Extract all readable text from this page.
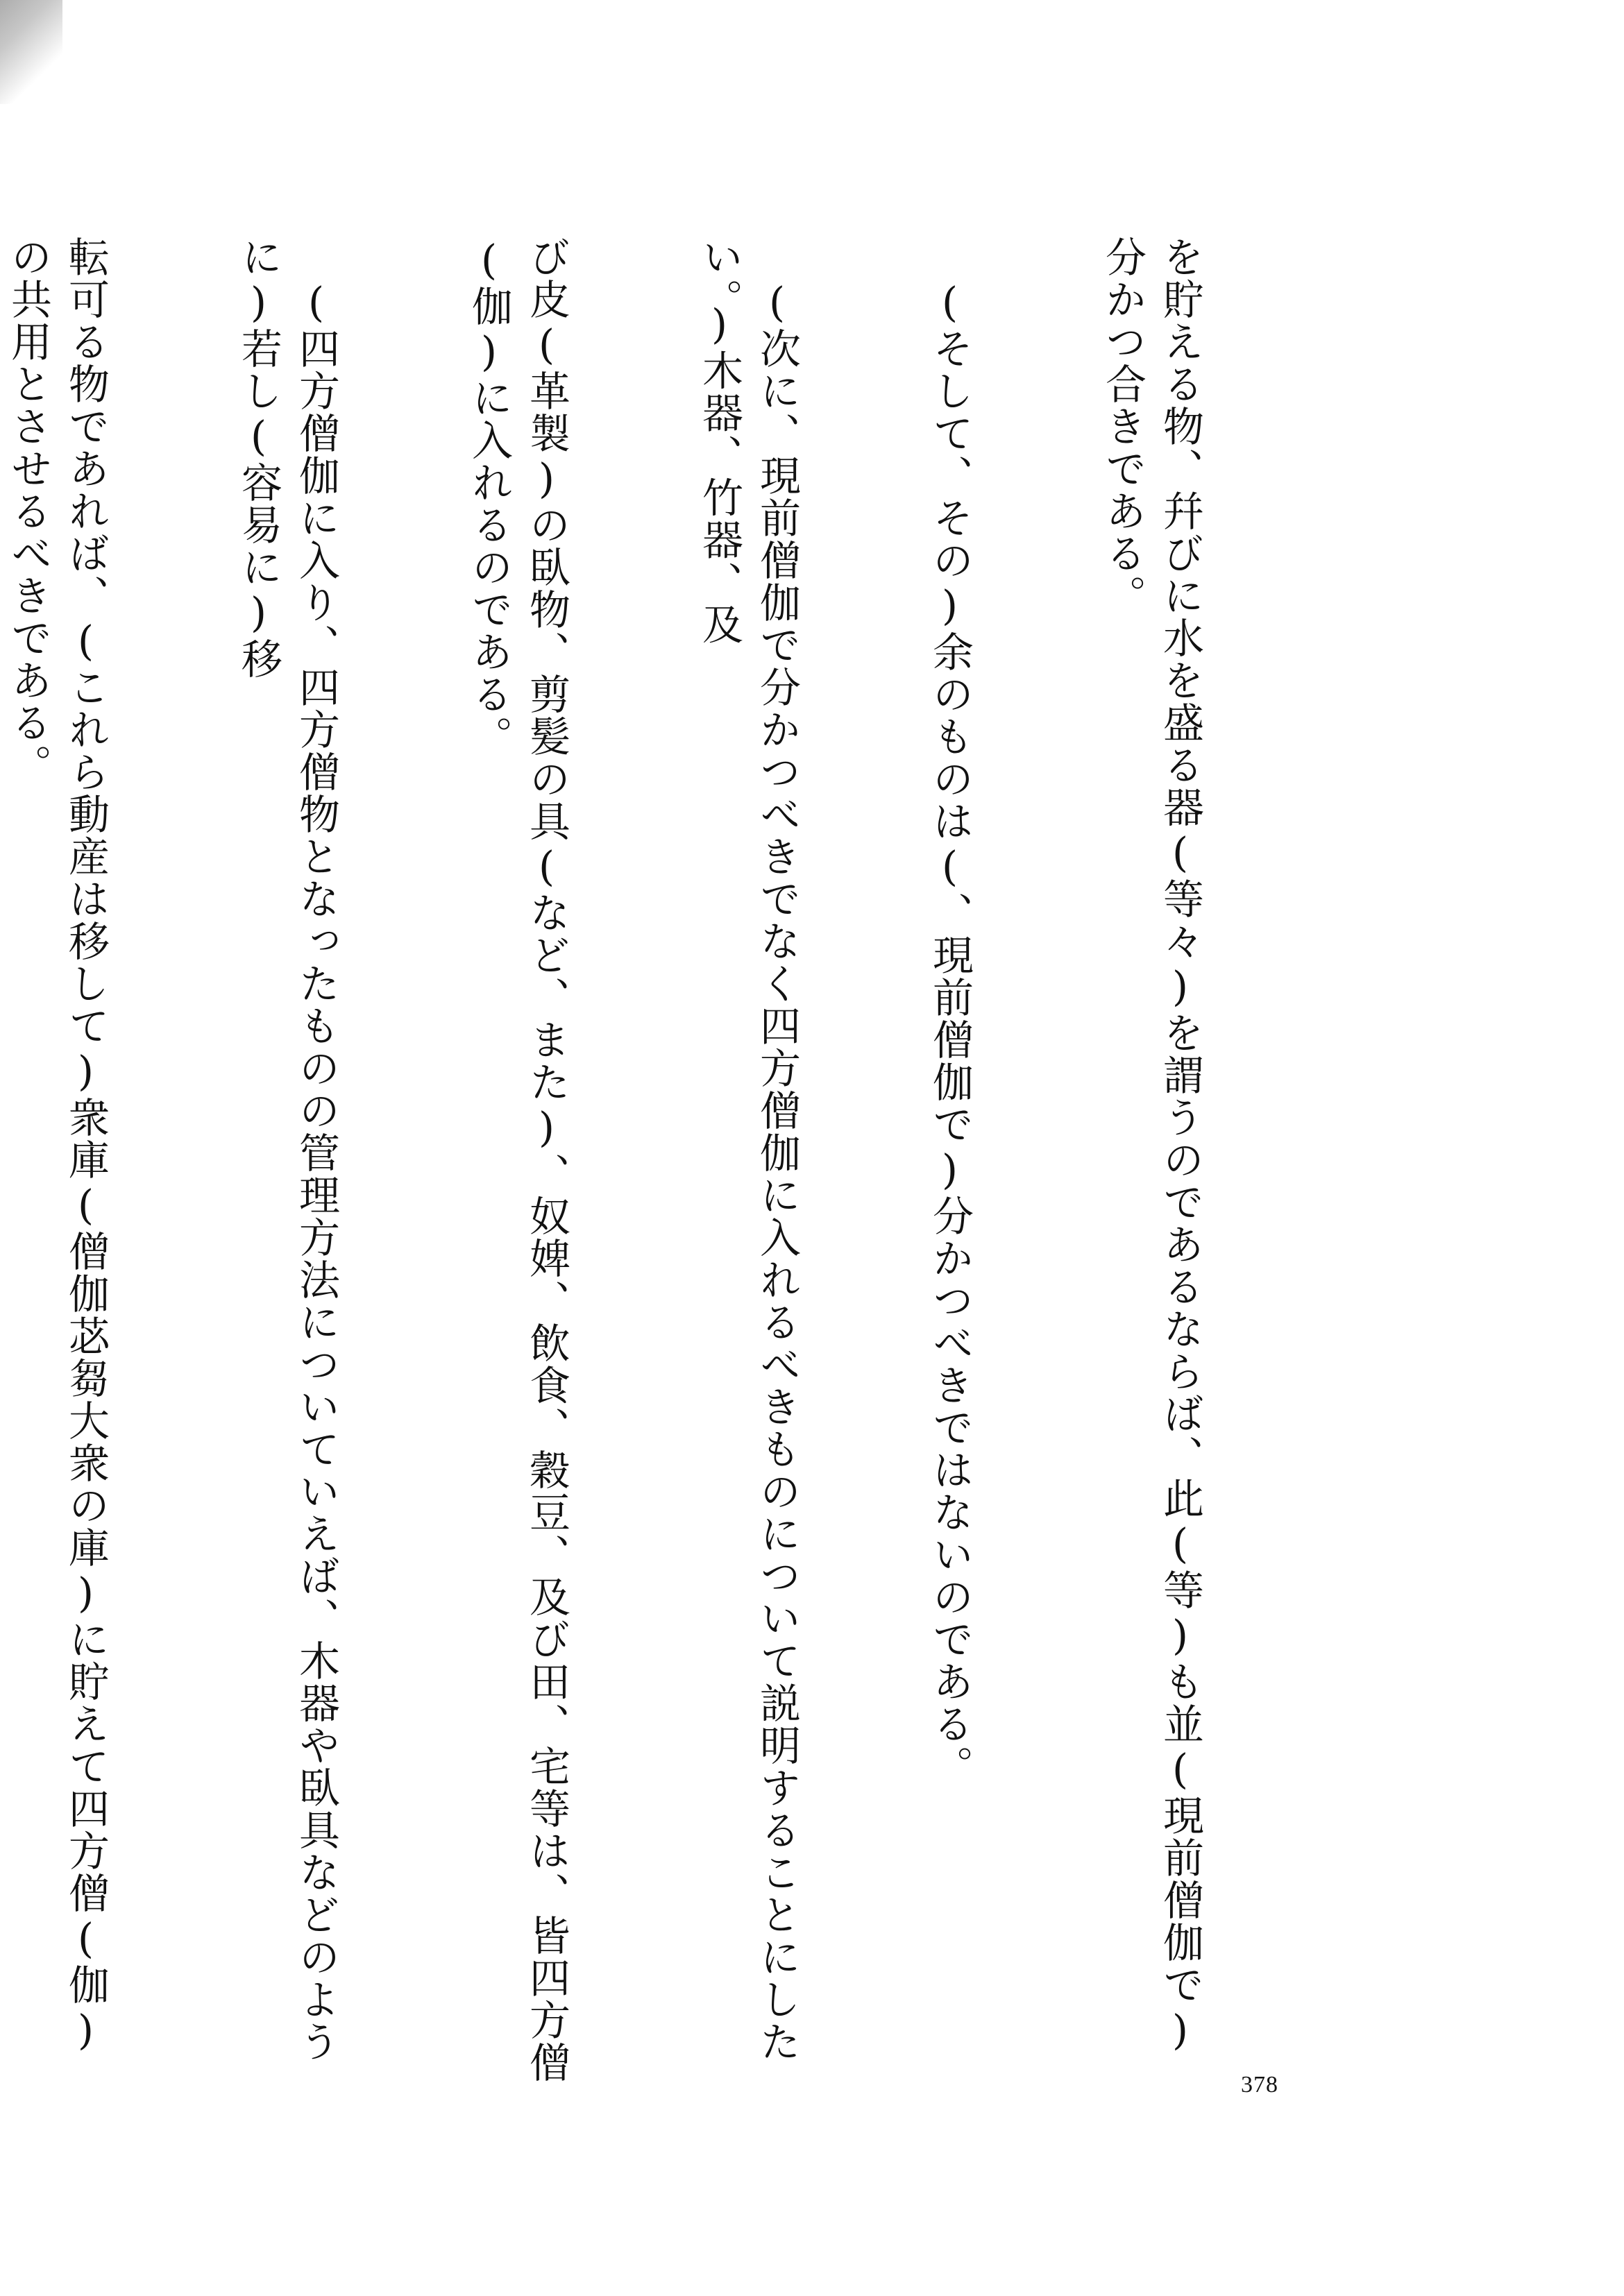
を貯える物、幷びに水を盛る器(等々)を謂うのであるならば、此(等)も並(現前僧伽で)分かつ合きである。

(そして、その)余のものは(、現前僧伽で)分かつべきではないのである。

(次に、現前僧伽で分かつべきでなく四方僧伽に入れるべきものについて説明することにしたい。)木器、竹器、及

び皮(革製)の臥物、剪髪の具(など、また)、奴婢、飲食、穀豆、及び田、宅等は、皆四方僧(伽)に入れるのである。

(四方僧伽に入り、四方僧物となったものの管理方法についていえば、木器や臥具などのように)若し(容易に)移

転可る物であれば、(これら動産は移して)衆庫(僧伽苾芻大衆の庫)に貯えて四方僧(伽)の共用とさせるべきである。

378
